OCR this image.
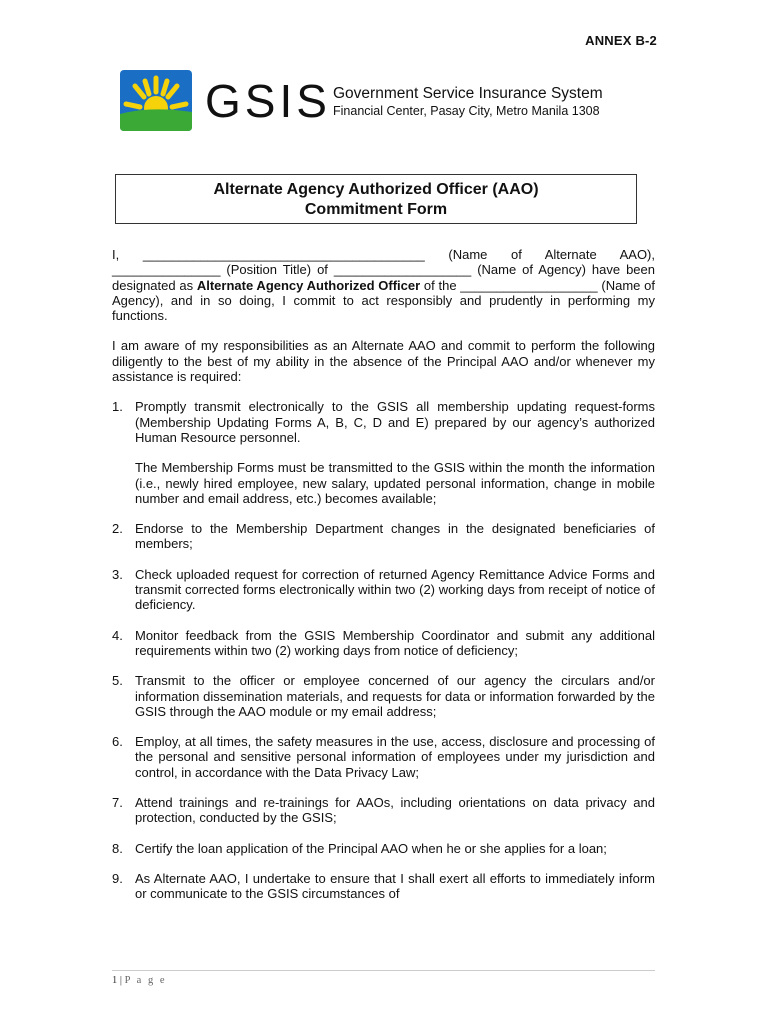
ANNEX B-2
GSIS Government Service Insurance System
Financial Center, Pasay City, Metro Manila 1308
Alternate Agency Authorized Officer (AAO)
Commitment Form

I, _______________________________________ (Name of Alternate AAO), _______________ (Position Title) of ___________________ (Name of Agency) have been designated as Alternate Agency Authorized Officer of the ___________________ (Name of Agency), and in so doing, I commit to act responsibly and prudently in performing my functions.

I am aware of my responsibilities as an Alternate AAO and commit to perform the following diligently to the best of my ability in the absence of the Principal AAO and/or whenever my assistance is required:

1. Promptly transmit electronically to the GSIS all membership updating request-forms (Membership Updating Forms A, B, C, D and E) prepared by our agency’s authorized Human Resource personnel.
The Membership Forms must be transmitted to the GSIS within the month the information (i.e., newly hired employee, new salary, updated personal information, change in mobile number and email address, etc.) becomes available;
2. Endorse to the Membership Department changes in the designated beneficiaries of members;
3. Check uploaded request for correction of returned Agency Remittance Advice Forms and transmit corrected forms electronically within two (2) working days from receipt of notice of deficiency.
4. Monitor feedback from the GSIS Membership Coordinator and submit any additional requirements within two (2) working days from notice of deficiency;
5. Transmit to the officer or employee concerned of our agency the circulars and/or information dissemination materials, and requests for data or information forwarded by the GSIS through the AAO module or my email address;
6. Employ, at all times, the safety measures in the use, access, disclosure and processing of the personal and sensitive personal information of employees under my jurisdiction and control, in accordance with the Data Privacy Law;
7. Attend trainings and re-trainings for AAOs, including orientations on data privacy and protection, conducted by the GSIS;
8. Certify the loan application of the Principal AAO when he or she applies for a loan;
9. As Alternate AAO, I undertake to ensure that I shall exert all efforts to immediately inform or communicate to the GSIS circumstances of
1 | P a g e
